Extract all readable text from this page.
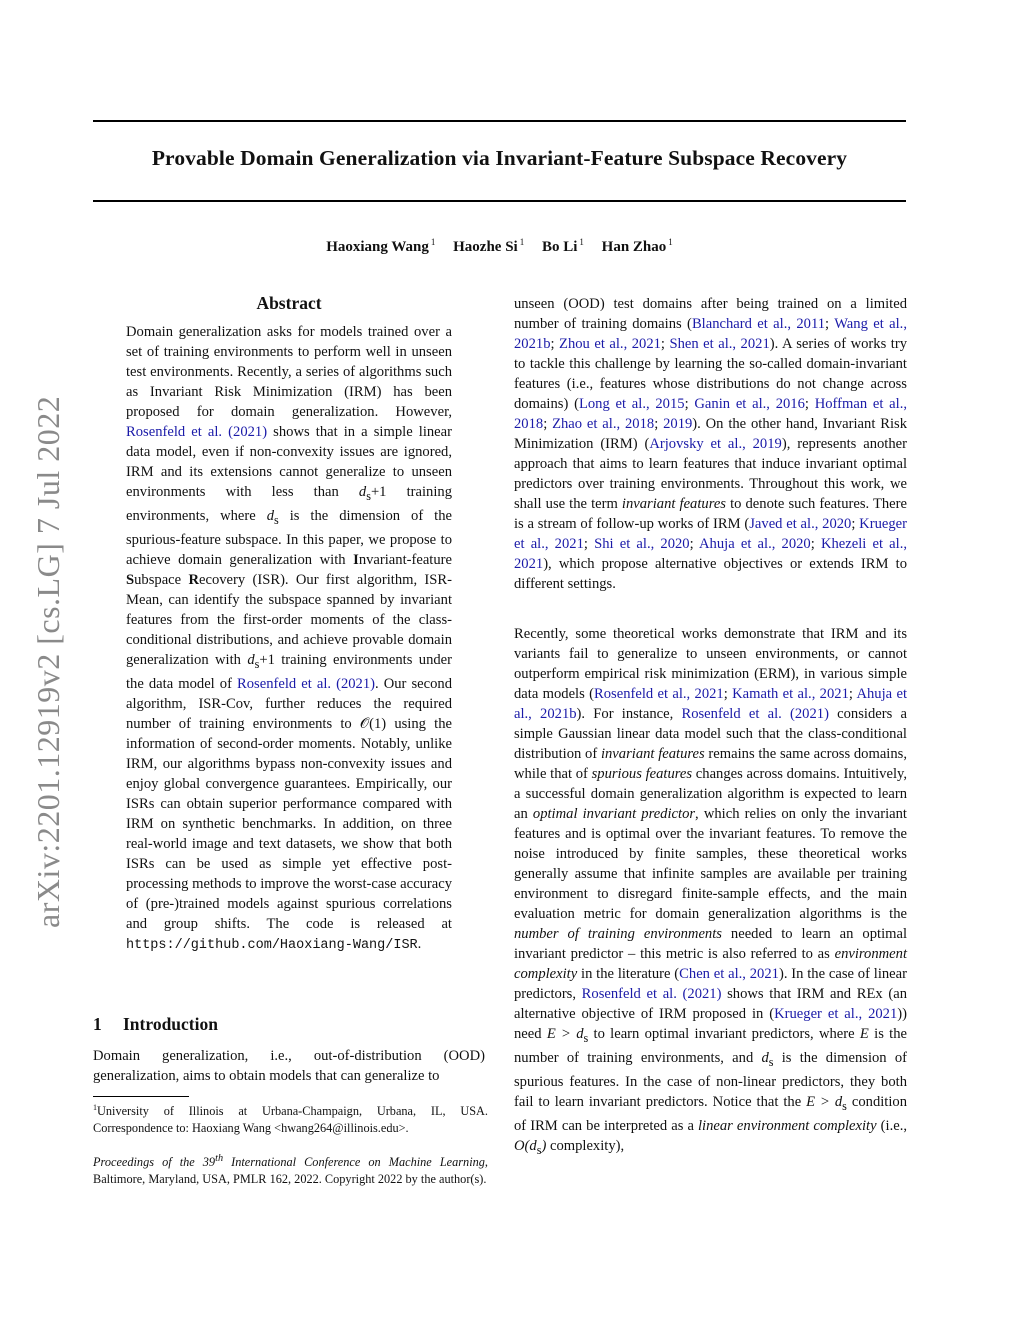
Provable Domain Generalization via Invariant-Feature Subspace Recovery
Haoxiang Wang $^1$ Haozhe Si $^1$ Bo Li $^1$ Han Zhao $^1$
arXiv:2201.12919v2 [cs.LG] 7 Jul 2022
Abstract

Domain generalization asks for models trained over a set of training environments to perform well in unseen test environments. Recently, a series of algorithms such as Invariant Risk Minimization (IRM) has been proposed for domain generalization. However, Rosenfeld et al. (2021) shows that in a simple linear data model, even if non-convexity issues are ignored, IRM and its extensions cannot generalize to unseen environments with less than $d_s+1$ training environments, where $d_s$ is the dimension of the spurious-feature subspace. In this paper, we propose to achieve domain generalization with Invariant-feature Subspace Recovery (ISR). Our first algorithm, ISR-Mean, can identify the subspace spanned by invariant features from the first-order moments of the class-conditional distributions, and achieve provable domain generalization with $d_s+1$ training environments under the data model of Rosenfeld et al. (2021). Our second algorithm, ISR-Cov, further reduces the required number of training environments to 𝒪(1) using the information of second-order moments. Notably, unlike IRM, our algorithms bypass non-convexity issues and enjoy global convergence guarantees. Empirically, our ISRs can obtain superior performance compared with IRM on synthetic benchmarks. In addition, on three real-world image and text datasets, we show that both ISRs can be used as simple yet effective post-processing methods to improve the worst-case accuracy of (pre-)trained models against spurious correlations and group shifts. The code is released at https://github.com/Haoxiang-Wang/ISR.

1 Introduction

Domain generalization, i.e., out-of-distribution (OOD) generalization, aims to obtain models that can generalize to

$^1$University of Illinois at Urbana-Champaign, Urbana, IL, USA. Correspondence to: Haoxiang Wang <hwang264@illinois.edu>.

Proceedings of the 39th International Conference on Machine Learning, Baltimore, Maryland, USA, PMLR 162, 2022. Copyright 2022 by the author(s).

unseen (OOD) test domains after being trained on a limited number of training domains (Blanchard et al., 2011; Wang et al., 2021b; Zhou et al., 2021; Shen et al., 2021). A series of works try to tackle this challenge by learning the so-called domain-invariant features (i.e., features whose distributions do not change across domains) (Long et al., 2015; Ganin et al., 2016; Hoffman et al., 2018; Zhao et al., 2018; 2019). On the other hand, Invariant Risk Minimization (IRM) (Arjovsky et al., 2019), represents another approach that aims to learn features that induce invariant optimal predictors over training environments. Throughout this work, we shall use the term invariant features to denote such features. There is a stream of follow-up works of IRM (Javed et al., 2020; Krueger et al., 2021; Shi et al., 2020; Ahuja et al., 2020; Khezeli et al., 2021), which propose alternative objectives or extends IRM to different settings.

Recently, some theoretical works demonstrate that IRM and its variants fail to generalize to unseen environments, or cannot outperform empirical risk minimization (ERM), in various simple data models (Rosenfeld et al., 2021; Kamath et al., 2021; Ahuja et al., 2021b). For instance, Rosenfeld et al. (2021) considers a simple Gaussian linear data model such that the class-conditional distribution of invariant features remains the same across domains, while that of spurious features changes across domains. Intuitively, a successful domain generalization algorithm is expected to learn an optimal invariant predictor, which relies on only the invariant features and is optimal over the invariant features. To remove the noise introduced by finite samples, these theoretical works generally assume that infinite samples are available per training environment to disregard finite-sample effects, and the main evaluation metric for domain generalization algorithms is the number of training environments needed to learn an optimal invariant predictor – this metric is also referred to as environment complexity in the literature (Chen et al., 2021). In the case of linear predictors, Rosenfeld et al. (2021) shows that IRM and REx (an alternative objective of IRM proposed in (Krueger et al., 2021)) need $E > d_s$ to learn optimal invariant predictors, where E is the number of training environments, and $d_s$ is the dimension of spurious features. In the case of non-linear predictors, they both fail to learn invariant predictors. Notice that the $E > d_s$ condition of IRM can be interpreted as a linear environment complexity (i.e., $O(d_s)$ complexity),
